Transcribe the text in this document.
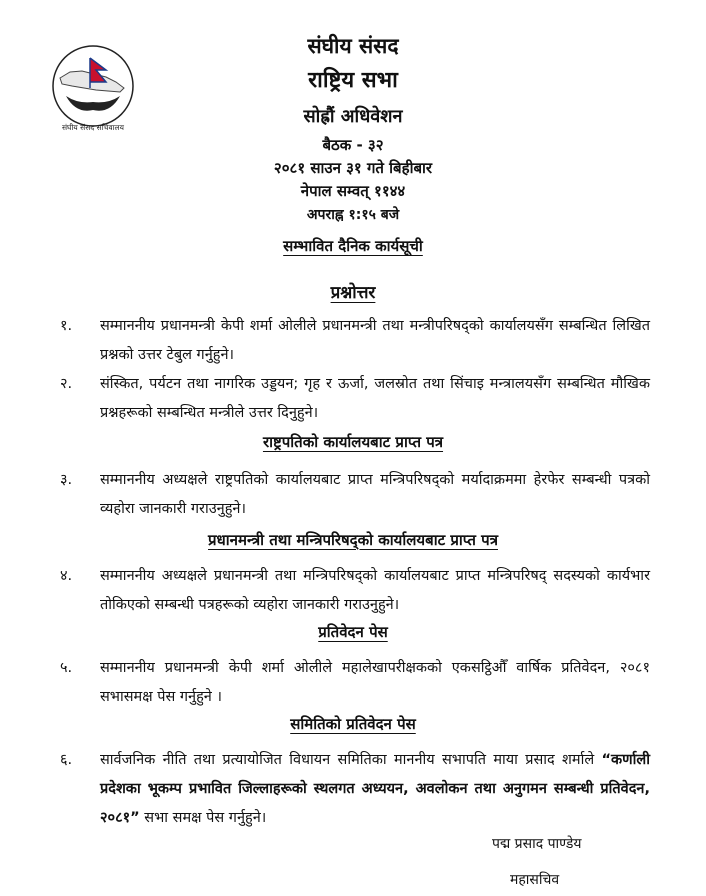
संघीय संसद सचिवालय
संघीय संसद
राष्ट्रिय सभा
सोह्रौं अधिवेशन
बैठक - ३२
२०८१ साउन ३१ गते बिहीबार
नेपाल सम्वत् ११४४
अपराह्न १:१५ बजे
सम्भावित दैनिक कार्यसूची
प्रश्नोत्तर
१.	सम्माननीय प्रधानमन्त्री केपी शर्मा ओलीले प्रधानमन्त्री तथा मन्त्रीपरिषद्को कार्यालयसँग सम्बन्धित लिखित प्रश्नको उत्तर टेबुल गर्नुहुने।
२.	संस्कित, पर्यटन तथा नागरिक उड्डयन; गृह र ऊर्जा, जलस्रोत तथा सिंचाइ मन्त्रालयसँग सम्बन्धित मौखिक प्रश्नहरूको सम्बन्धित मन्त्रीले उत्तर दिनुहुने।
राष्ट्रपतिको कार्यालयबाट प्राप्त पत्र
३.	सम्माननीय अध्यक्षले राष्ट्रपतिको कार्यालयबाट प्राप्त मन्त्रिपरिषद्को मर्यादाक्रममा हेरफेर सम्बन्धी पत्रको व्यहोरा जानकारी गराउनुहुने।
प्रधानमन्त्री तथा मन्त्रिपरिषद्को कार्यालयबाट प्राप्त पत्र
४.	सम्माननीय अध्यक्षले प्रधानमन्त्री तथा मन्त्रिपरिषद्को कार्यालयबाट प्राप्त मन्त्रिपरिषद् सदस्यको कार्यभार तोकिएको सम्बन्धी पत्रहरूको व्यहोरा जानकारी गराउनुहुने।
प्रतिवेदन पेस
५.	सम्माननीय प्रधानमन्त्री केपी शर्मा ओलीले महालेखापरीक्षकको एकसट्ठिऔँ वार्षिक प्रतिवेदन, २०८१ सभासमक्ष पेस गर्नुहुने ।
समितिको प्रतिवेदन पेस
६.	सार्वजनिक नीति तथा प्रत्यायोजित विधायन समितिका माननीय सभापति माया प्रसाद शर्माले “कर्णाली प्रदेशका भूकम्प प्रभावित जिल्लाहरूको स्थलगत अध्ययन, अवलोकन तथा अनुगमन सम्बन्धी प्रतिवेदन, २०८१” सभा समक्ष पेस गर्नुहुने।
पद्म प्रसाद पाण्डेय
महासचिव
